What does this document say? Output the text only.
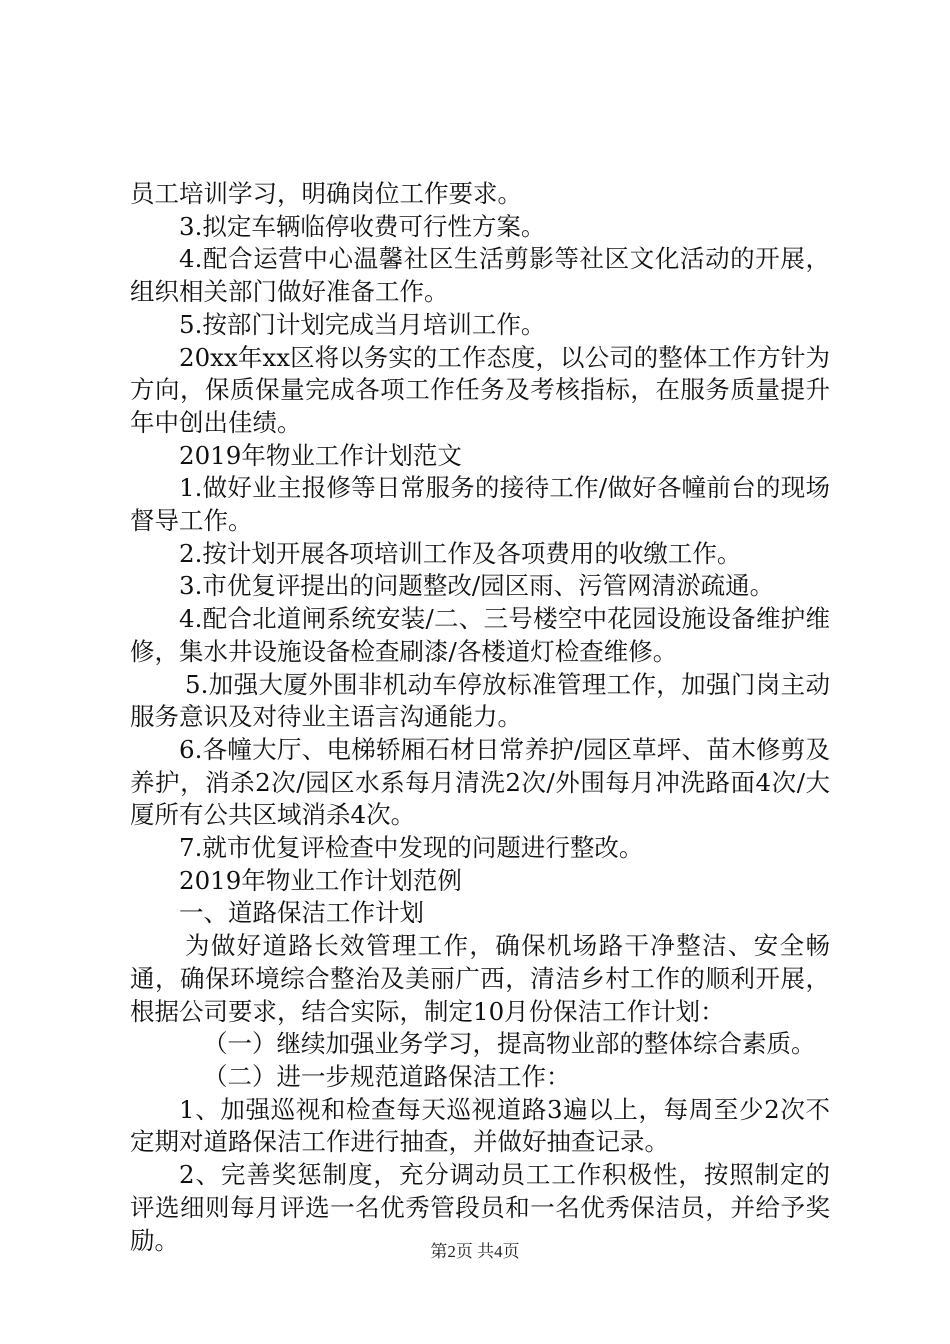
员工培训学习，明确岗位工作要求。

3.拟定车辆临停收费可行性方案。

4.配合运营中心温馨社区生活剪影等社区文化活动的开展，组织相关部门做好准备工作。

5.按部门计划完成当月培训工作。

20xx年xx区将以务实的工作态度，以公司的整体工作方针为方向，保质保量完成各项工作任务及考核指标，在服务质量提升年中创出佳绩。

2019年物业工作计划范文

1.做好业主报修等日常服务的接待工作/做好各幢前台的现场督导工作。

2.按计划开展各项培训工作及各项费用的收缴工作。

3.市优复评提出的问题整改/园区雨、污管网清淤疏通。

4.配合北道闸系统安装/二、三号楼空中花园设施设备维护维修，集水井设施设备检查刷漆/各楼道灯检查维修。

5.加强大厦外围非机动车停放标准管理工作，加强门岗主动服务意识及对待业主语言沟通能力。

6.各幢大厅、电梯轿厢石材日常养护/园区草坪、苗木修剪及养护，消杀2次/园区水系每月清洗2次/外围每月冲洗路面4次/大厦所有公共区域消杀4次。

7.就市优复评检查中发现的问题进行整改。

2019年物业工作计划范例

一、道路保洁工作计划

为做好道路长效管理工作，确保机场路干净整洁、安全畅通，确保环境综合整治及美丽广西，清洁乡村工作的顺利开展，根据公司要求，结合实际，制定10月份保洁工作计划：

（一）继续加强业务学习，提高物业部的整体综合素质。

（二）进一步规范道路保洁工作：

1、加强巡视和检查每天巡视道路3遍以上，每周至少2次不定期对道路保洁工作进行抽查，并做好抽查记录。

2、完善奖惩制度，充分调动员工工作积极性，按照制定的评选细则每月评选一名优秀管段员和一名优秀保洁员，并给予奖励。	第2页 共4页
